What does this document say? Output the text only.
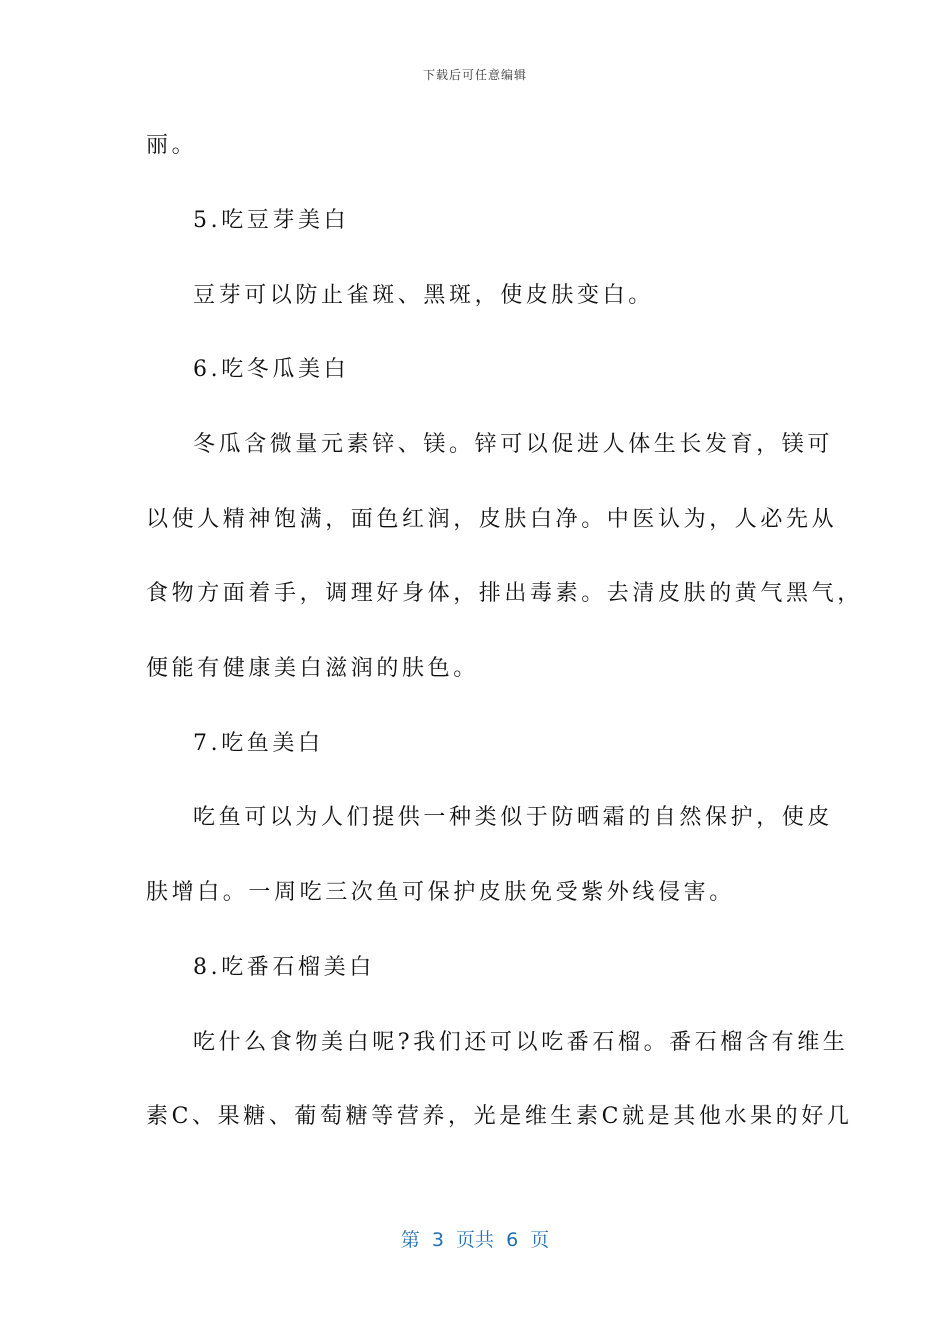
下载后可任意编辑
丽。
5.吃豆芽美白
豆芽可以防止雀斑、黑斑，使皮肤变白。
6.吃冬瓜美白
冬瓜含微量元素锌、镁。锌可以促进人体生长发育，镁可
以使人精神饱满，面色红润，皮肤白净。中医认为，人必先从
食物方面着手，调理好身体，排出毒素。去清皮肤的黄气黑气，
便能有健康美白滋润的肤色。
7.吃鱼美白
吃鱼可以为人们提供一种类似于防晒霜的自然保护，使皮
肤增白。一周吃三次鱼可保护皮肤免受紫外线侵害。
8.吃番石榴美白
吃什么食物美白呢?我们还可以吃番石榴。番石榴含有维生
素C、果糖、葡萄糖等营养，光是维生素C就是其他水果的好几
第  3  页共  6  页
